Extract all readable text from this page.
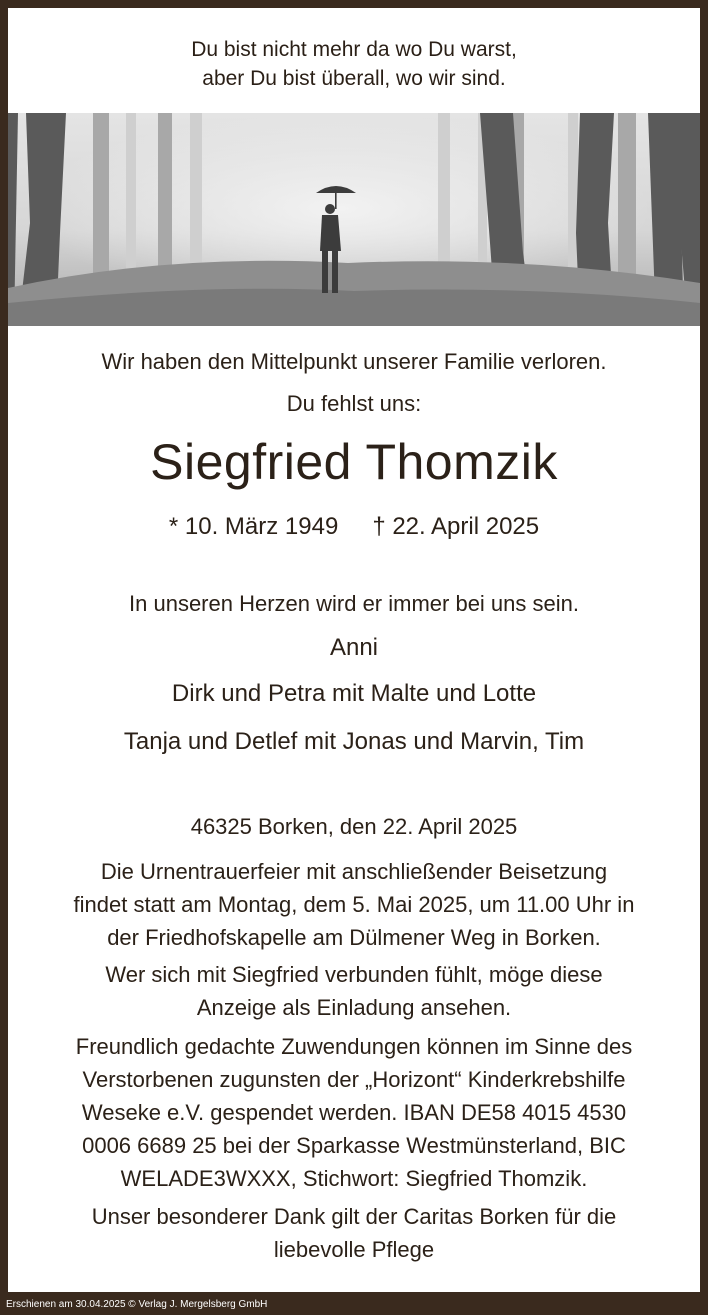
Du bist nicht mehr da wo Du warst,
aber Du bist überall, wo wir sind.
Wir haben den Mittelpunkt unserer Familie verloren.
Du fehlst uns:
Siegfried Thomzik
* 10. März 1949 † 22. April 2025
In unseren Herzen wird er immer bei uns sein.
Anni
Dirk und Petra mit Malte und Lotte
Tanja und Detlef mit Jonas und Marvin, Tim
46325 Borken, den 22. April 2025
Die Urnentrauerfeier mit anschließender Beisetzung
findet statt am Montag, dem 5. Mai 2025, um 11.00 Uhr in
der Friedhofskapelle am Dülmener Weg in Borken.
Wer sich mit Siegfried verbunden fühlt, möge diese
Anzeige als Einladung ansehen.
Freundlich gedachte Zuwendungen können im Sinne des
Verstorbenen zugunsten der „Horizont“ Kinderkrebshilfe
Weseke e.V. gespendet werden. IBAN DE58 4015 4530
0006 6689 25 bei der Sparkasse Westmünsterland, BIC
WELADE3WXXX, Stichwort: Siegfried Thomzik.
Unser besonderer Dank gilt der Caritas Borken für die
liebevolle Pflege
Erschienen am 30.04.2025 © Verlag J. Mergelsberg GmbH
